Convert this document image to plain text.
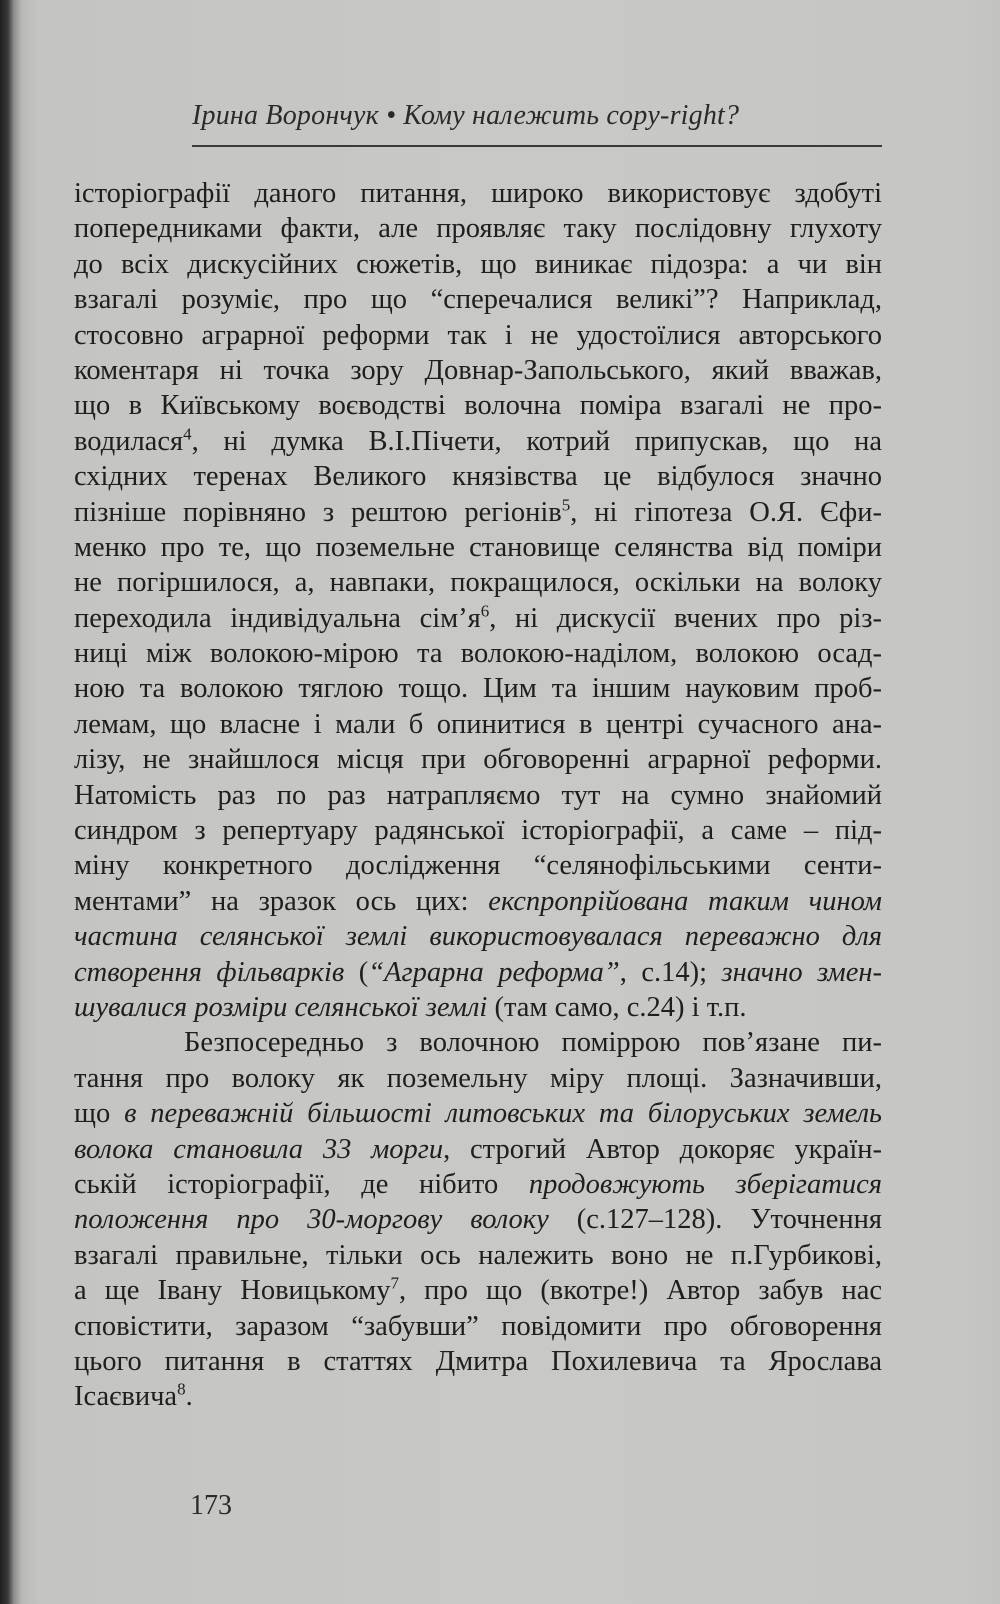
Ірина Ворончук • Кому належить copy-right?
історіографії даного питання, широко використовує здобуті
попередниками факти, але проявляє таку послідовну глухоту
до всіх дискусійних сюжетів, що виникає підозра: а чи він
взагалі розуміє, про що “сперечалися великі”? Наприклад,
стосовно аграрної реформи так і не удостоїлися авторського
коментаря ні точка зору Довнар-Запольського, який вважав,
що в Київському воєводстві волочна поміра взагалі не про-
водилася$^4$, ні думка В.І.Пічети, котрий припускав, що на
східних теренах Великого князівства це відбулося значно
пізніше порівняно з рештою регіонів$^5$, ні гіпотеза О.Я. Єфи-
менко про те, що поземельне становище селянства від поміри
не погіршилося, а, навпаки, покращилося, оскільки на волоку
переходила індивідуальна $сім’я^6$, ні дискусії вчених про різ-
ниці між волокою-мірою та волокою-наділом, волокою осад-
ною та волокою тяглою тощо. Цим та іншим науковим проб-
лемам, що власне і мали б опинитися в центрі сучасного ана-
лізу, не знайшлося місця при обговоренні аграрної реформи.
Натомість раз по раз натрапляємо тут на сумно знайомий
синдром з репертуару радянської історіографії, а саме – під-
міну конкретного дослідження “селянофільськими сенти-
ментами” на зразок ось цих: експропрійована таким чином
частина селянської землі використовувалася переважно для
створення фільварків (“Аграрна реформа”, с.14); значно змен-
шувалися розміри селянської землі (там само, с.24) і т.п.
Безпосередньо з волочною поміррою пов’язане пи-
тання про волоку як поземельну міру площі. Зазначивши,
що в переважній більшості литовських та білоруських земель
волока становила 33 морги, строгий Автор докоряє україн-
ській історіографії, де нібито продовжують зберігатися
положення про 30-моргову волоку (с.127–128). Уточнення
взагалі правильне, тільки ось належить воно не п.Гурбикові,
а ще Івану Новицькому$^7$, про що (вкотре!) Автор забув нас
сповістити, заразом “забувши” повідомити про обговорення
цього питання в статтях Дмитра Похилевича та Ярослава
Ісаєвича$^8$.
173
